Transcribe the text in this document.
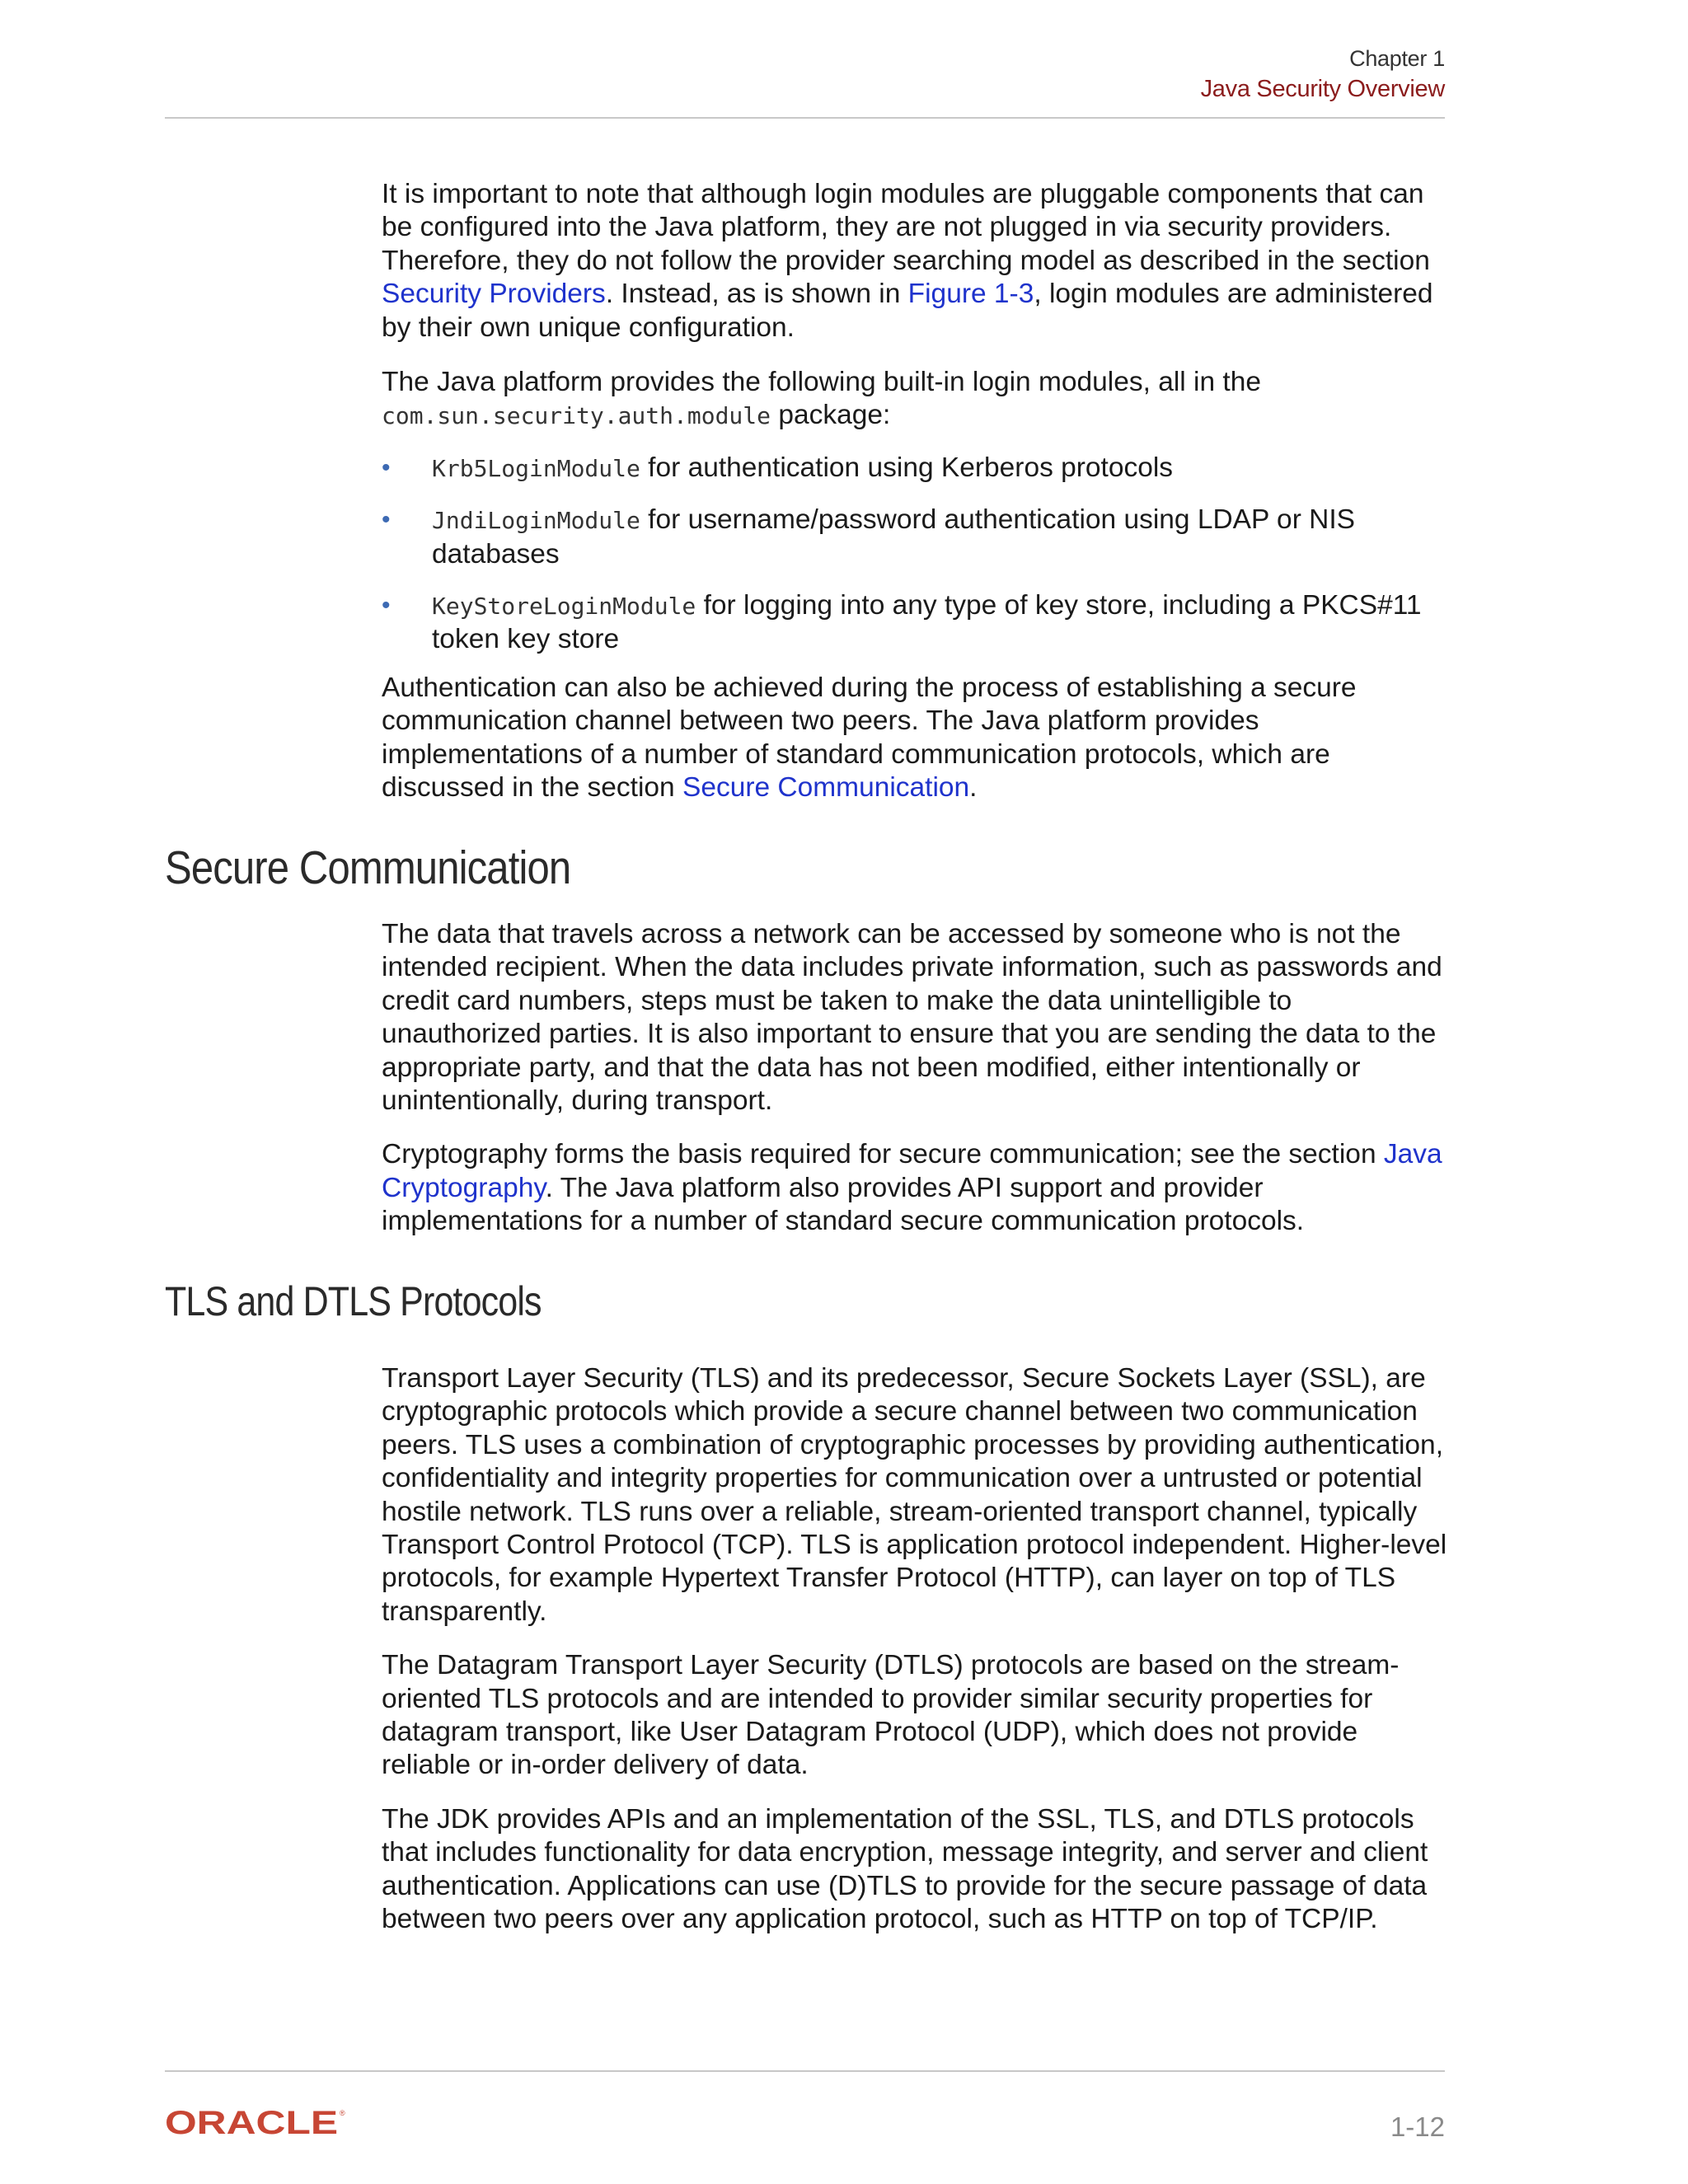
Chapter 1
Java Security Overview

It is important to note that although login modules are pluggable components that can be configured into the Java platform, they are not plugged in via security providers. Therefore, they do not follow the provider searching model as described in the section Security Providers. Instead, as is shown in Figure 1-3, login modules are administered by their own unique configuration.

The Java platform provides the following built-in login modules, all in the
com.sun.security.auth.module package:

• Krb5LoginModule for authentication using Kerberos protocols
• JndiLoginModule for username/password authentication using LDAP or NIS databases
• KeyStoreLoginModule for logging into any type of key store, including a PKCS#11 token key store

Authentication can also be achieved during the process of establishing a secure communication channel between two peers. The Java platform provides implementations of a number of standard communication protocols, which are discussed in the section Secure Communication.

Secure Communication

The data that travels across a network can be accessed by someone who is not the intended recipient. When the data includes private information, such as passwords and credit card numbers, steps must be taken to make the data unintelligible to unauthorized parties. It is also important to ensure that you are sending the data to the appropriate party, and that the data has not been modified, either intentionally or unintentionally, during transport.

Cryptography forms the basis required for secure communication; see the section Java Cryptography. The Java platform also provides API support and provider implementations for a number of standard secure communication protocols.

TLS and DTLS Protocols

Transport Layer Security (TLS) and its predecessor, Secure Sockets Layer (SSL), are cryptographic protocols which provide a secure channel between two communication peers. TLS uses a combination of cryptographic processes by providing authentication, confidentiality and integrity properties for communication over a untrusted or potential hostile network. TLS runs over a reliable, stream-oriented transport channel, typically Transport Control Protocol (TCP). TLS is application protocol independent. Higher-level protocols, for example Hypertext Transfer Protocol (HTTP), can layer on top of TLS transparently.

The Datagram Transport Layer Security (DTLS) protocols are based on the stream-oriented TLS protocols and are intended to provider similar security properties for datagram transport, like User Datagram Protocol (UDP), which does not provide reliable or in-order delivery of data.

The JDK provides APIs and an implementation of the SSL, TLS, and DTLS protocols that includes functionality for data encryption, message integrity, and server and client authentication. Applications can use (D)TLS to provide for the secure passage of data between two peers over any application protocol, such as HTTP on top of TCP/IP.

ORACLE ®	1-12
